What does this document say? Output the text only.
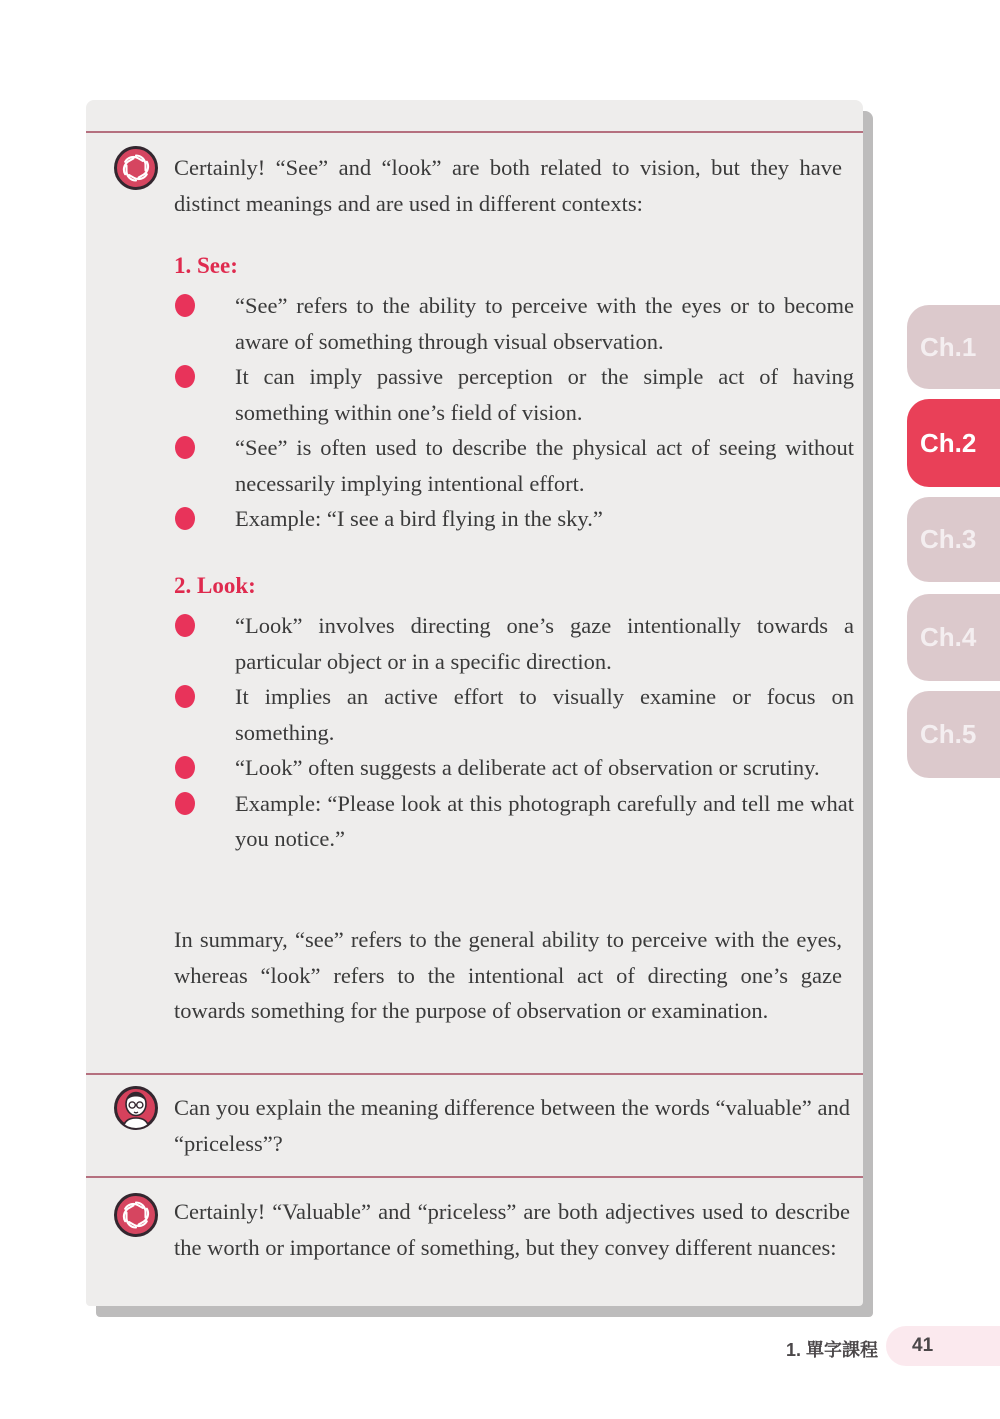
Certainly! “See” and “look” are both related to vision, but they have distinct meanings and are used in different contexts:
1. See:
“See” refers to the ability to perceive with the eyes or to become aware of something through visual observation.
It can imply passive perception or the simple act of having something within one’s field of vision.
“See” is often used to describe the physical act of seeing without necessarily implying intentional effort.
Example: “I see a bird flying in the sky.”
2. Look:
“Look” involves directing one’s gaze intentionally towards a particular object or in a specific direction.
It implies an active effort to visually examine or focus on something.
“Look” often suggests a deliberate act of observation or scrutiny.
Example: “Please look at this photograph carefully and tell me what you notice.”
In summary, “see” refers to the general ability to perceive with the eyes, whereas “look” refers to the intentional act of directing one’s gaze towards something for the purpose of observation or examination.
Can you explain the meaning difference between the words “valuable” and “priceless”?
Certainly! “Valuable” and “priceless” are both adjectives used to describe the worth or importance of something, but they convey different nuances:
Ch.1
Ch.2
Ch.3
Ch.4
Ch.5
1. 單字課程	41
